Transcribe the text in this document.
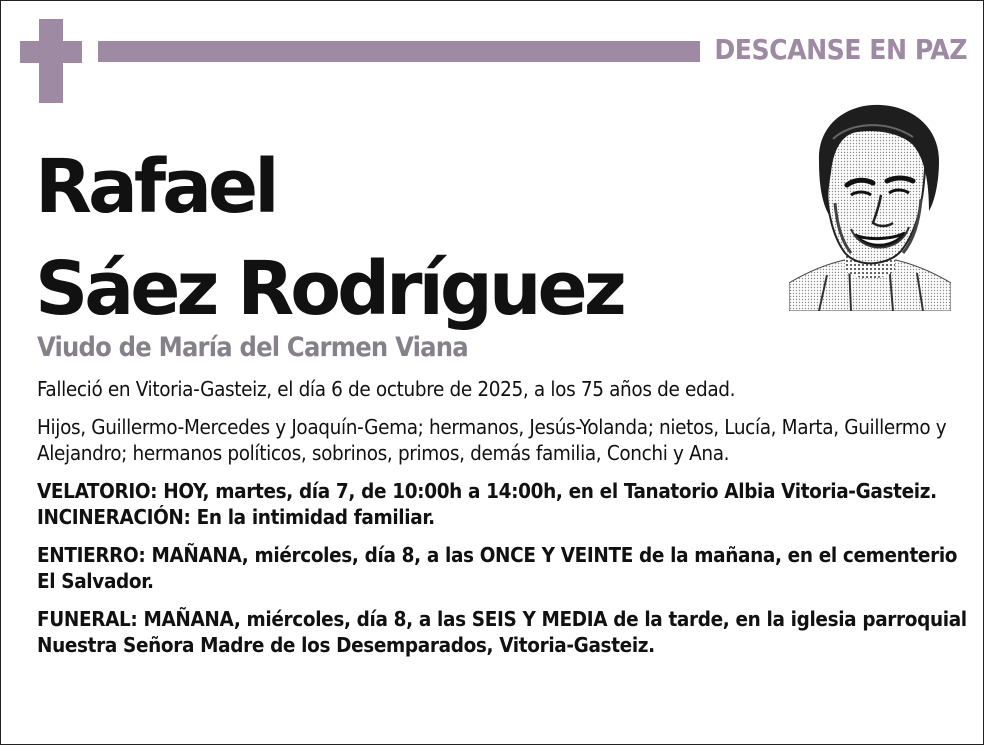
DESCANSE EN PAZ
Rafael
Sáez Rodríguez
Viudo de María del Carmen Viana

Falleció en Vitoria-Gasteiz, el día 6 de octubre de 2025, a los 75 años de edad.

Hijos, Guillermo-Mercedes y Joaquín-Gema; hermanos, Jesús-Yolanda; nietos, Lucía, Marta, Guillermo y Alejandro; hermanos políticos, sobrinos, primos, demás familia, Conchi y Ana.

VELATORIO: HOY, martes, día 7, de 10:00h a 14:00h, en el Tanatorio Albia Vitoria-Gasteiz. INCINERACIÓN: En la intimidad familiar.

ENTIERRO: MAÑANA, miércoles, día 8, a las ONCE Y VEINTE de la mañana, en el cementerio El Salvador.

FUNERAL: MAÑANA, miércoles, día 8, a las SEIS Y MEDIA de la tarde, en la iglesia parroquial Nuestra Señora Madre de los Desemparados, Vitoria-Gasteiz.
